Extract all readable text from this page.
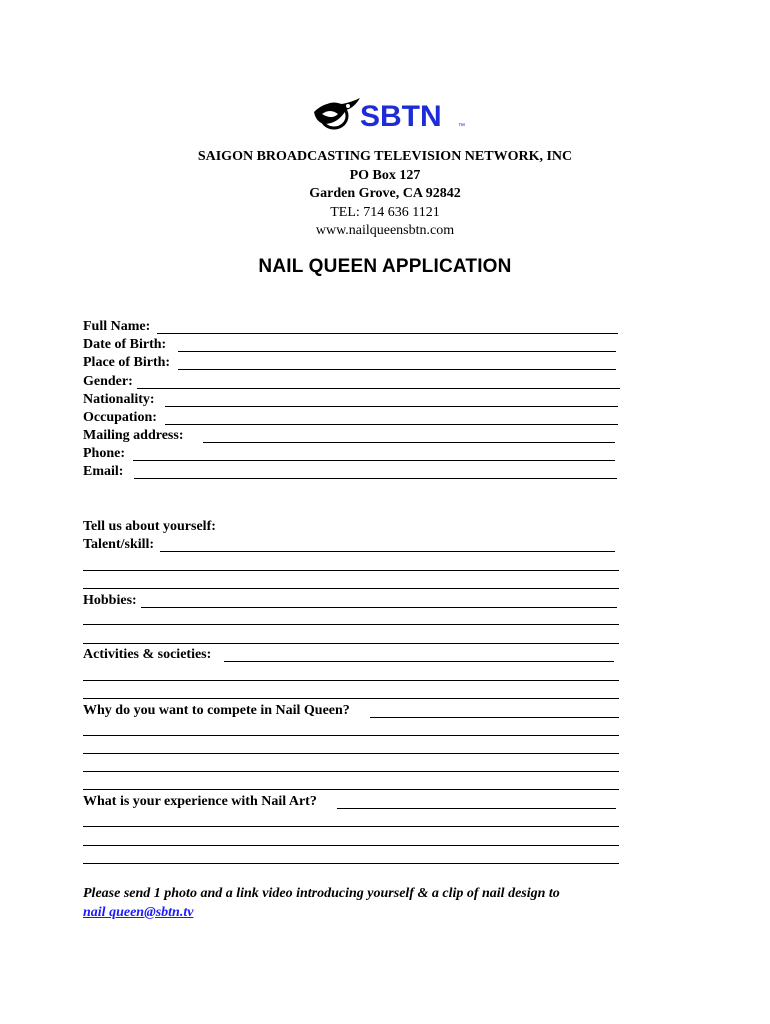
SBTN ™
SAIGON BROADCASTING TELEVISION NETWORK, INC
PO Box 127
Garden Grove, CA 92842
TEL: 714 636 1121
www.nailqueensbtn.com
NAIL QUEEN APPLICATION
Full Name:
Date of Birth:
Place of Birth:
Gender:
Nationality:
Occupation:
Mailing address:
Phone:
Email:
Tell us about yourself:
Talent/skill:
Hobbies:
Activities & societies:
Why do you want to compete in Nail Queen?
What is your experience with Nail Art?
Please send 1 photo and a link video introducing yourself & a clip of nail design to
nail queen@sbtn.tv
